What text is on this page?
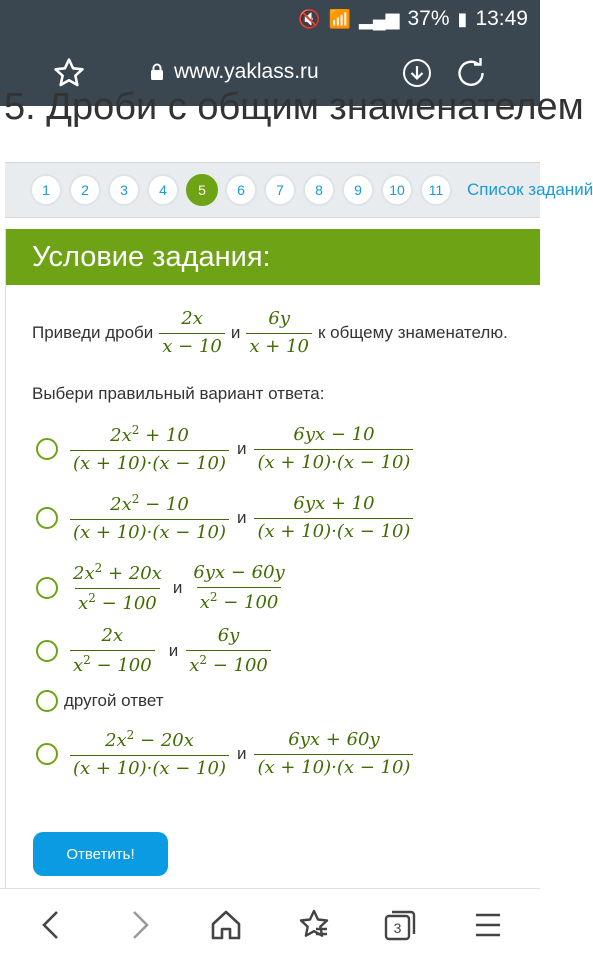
🔇 📶 ▂▄▆ 37% ▮ 13:49
www.yaklass.ru
5. Дроби с общим знаменателем
1	2	3	4	5	6	7	8	9	10	11	Список заданий
Условие задания:
Приведи дроби $\frac{2x}{x - 10}$ и $\frac{6y}{x + 10}$ к общему знаменателю.
Выбери правильный вариант ответа:
$\frac{2x^2 + 10}{(x + 10)\cdot(x - 10)}$ и $\frac{6yx - 10}{(x + 10)\cdot(x - 10)}$
$\frac{2x^2 - 10}{(x + 10)\cdot(x - 10)}$ и $\frac{6yx + 10}{(x + 10)\cdot(x - 10)}$
$\frac{2x^2 + 20x}{x^2 - 100}$ и $\frac{6yx - 60y}{x^2 - 100}$
$\frac{2x}{x^2 - 100}$ и $\frac{6y}{x^2 - 100}$
другой ответ
$\frac{2x^2 - 20x}{(x + 10)\cdot(x - 10)}$ и $\frac{6yx + 60y}{(x + 10)\cdot(x - 10)}$
Ответить!
3
